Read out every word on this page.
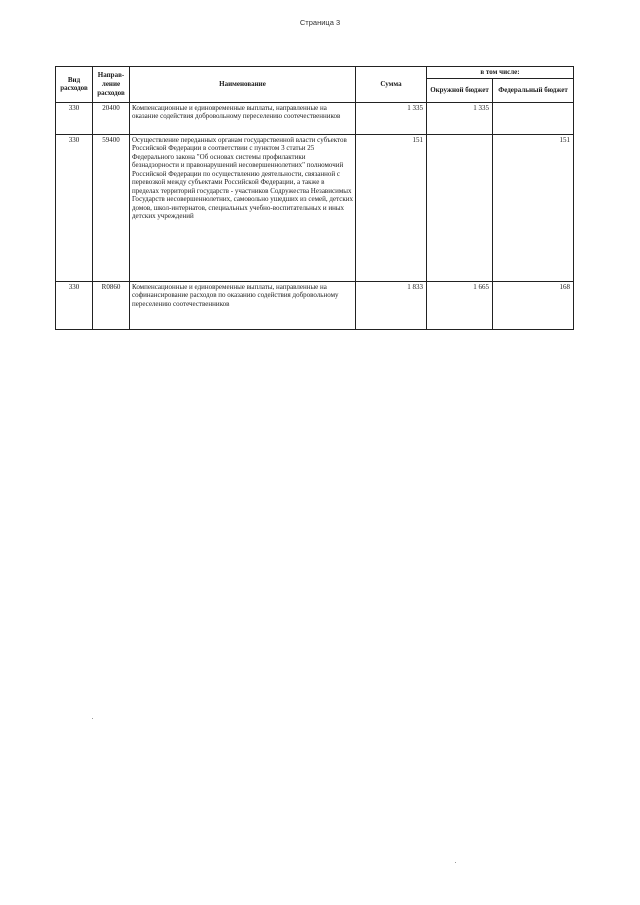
Страница 3
Вид расходов	Направ-ление расходов	Наименование	Сумма	в том числе:	
				Окружной бюджет	Федеральный бюджет
330	20400	Компенсационные и единовременные выплаты, направленные на оказание содействия добровольному переселению соотечественников	1 335	1 335	
330	59400	Осуществление переданных органам государственной власти субъектов Российской Федерации в соответствии с пунктом 3 статьи 25 Федерального закона "Об основах системы профилактики безнадзорности и правонарушений несовершеннолетних" полномочий Российской Федерации по осуществлению деятельности, связанной с перевозкой между субъектами Российской Федерации, а также в пределах территорий государств - участников Содружества Независимых Государств несовершеннолетних, самовольно ушедших из семей, детских домов, школ-интернатов, специальных учебно-воспитательных и иных детских учреждений	151		151
330	R0860	Компенсационные и единовременные выплаты, направленные на софинансирование расходов по оказанию содействия добровольному переселению соотечественников	1 833	1 665	168
